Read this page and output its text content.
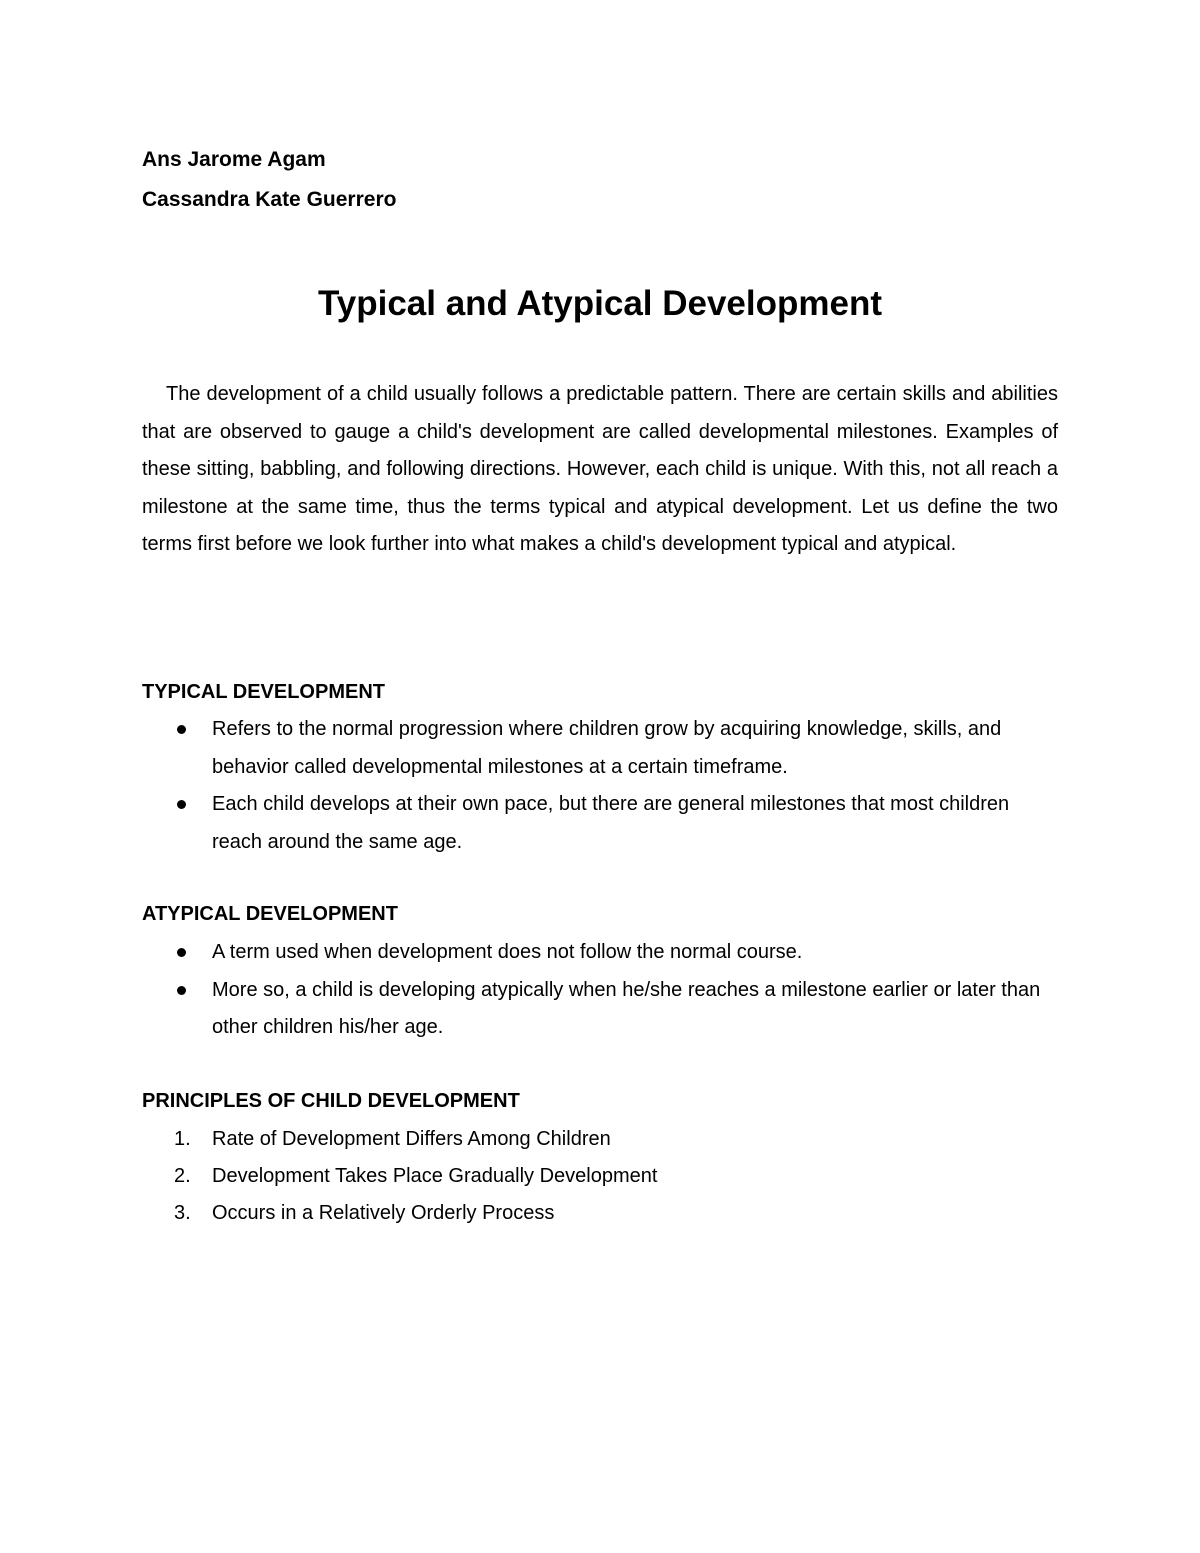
Ans Jarome Agam
Cassandra Kate Guerrero
Typical and Atypical Development

The development of a child usually follows a predictable pattern. There are certain skills and abilities that are observed to gauge a child's development are called developmental milestones. Examples of these sitting, babbling, and following directions. However, each child is unique. With this, not all reach a milestone at the same time, thus the terms typical and atypical development. Let us define the two terms first before we look further into what makes a child's development typical and atypical.

TYPICAL DEVELOPMENT
Refers to the normal progression where children grow by acquiring knowledge, skills, and behavior called developmental milestones at a certain timeframe.
Each child develops at their own pace, but there are general milestones that most children reach around the same age.
ATYPICAL DEVELOPMENT
A term used when development does not follow the normal course.
More so, a child is developing atypically when he/she reaches a milestone earlier or later than other children his/her age.
PRINCIPLES OF CHILD DEVELOPMENT
1. Rate of Development Differs Among Children
2. Development Takes Place Gradually Development
3. Occurs in a Relatively Orderly Process
